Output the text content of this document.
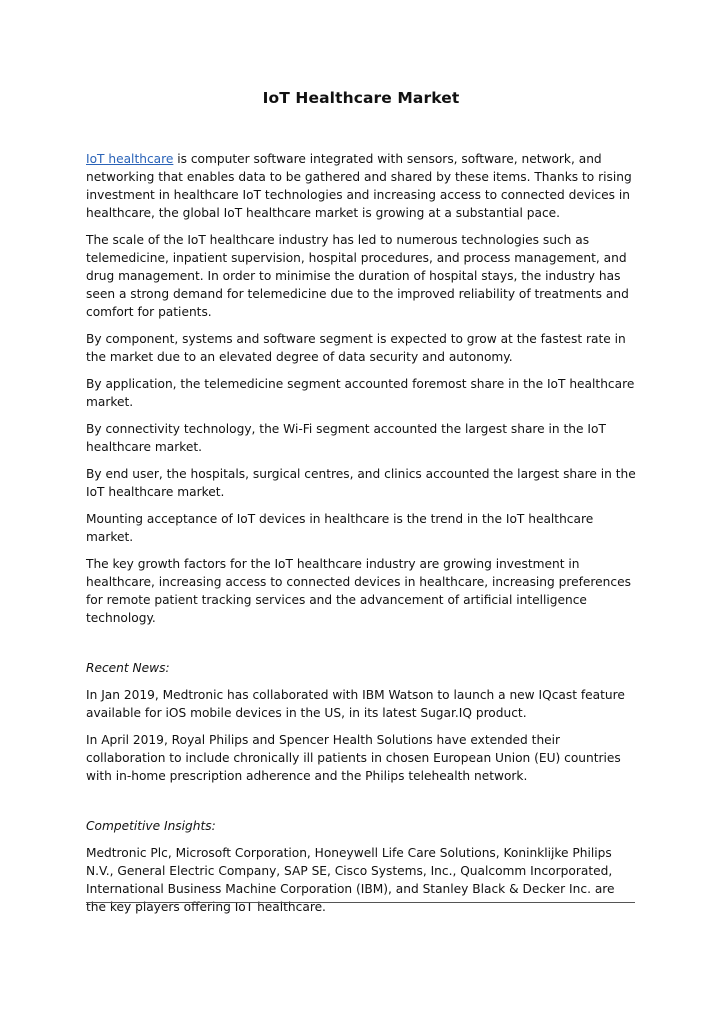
IoT Healthcare Market

IoT healthcare is computer software integrated with sensors, software, network, and networking that enables data to be gathered and shared by these items. Thanks to rising investment in healthcare IoT technologies and increasing access to connected devices in healthcare, the global IoT healthcare market is growing at a substantial pace.

The scale of the IoT healthcare industry has led to numerous technologies such as telemedicine, inpatient supervision, hospital procedures, and process management, and drug management. In order to minimise the duration of hospital stays, the industry has seen a strong demand for telemedicine due to the improved reliability of treatments and comfort for patients.

By component, systems and software segment is expected to grow at the fastest rate in the market due to an elevated degree of data security and autonomy.

By application, the telemedicine segment accounted foremost share in the IoT healthcare market.

By connectivity technology, the Wi-Fi segment accounted the largest share in the IoT healthcare market.

By end user, the hospitals, surgical centres, and clinics accounted the largest share in the IoT healthcare market.

Mounting acceptance of IoT devices in healthcare is the trend in the IoT healthcare market.

The key growth factors for the IoT healthcare industry are growing investment in healthcare, increasing access to connected devices in healthcare, increasing preferences for remote patient tracking services and the advancement of artificial intelligence technology.

Recent News:

In Jan 2019, Medtronic has collaborated with IBM Watson to launch a new IQcast feature available for iOS mobile devices in the US, in its latest Sugar.IQ product.

In April 2019, Royal Philips and Spencer Health Solutions have extended their collaboration to include chronically ill patients in chosen European Union (EU) countries with in-home prescription adherence and the Philips telehealth network.

Competitive Insights:

Medtronic Plc, Microsoft Corporation, Honeywell Life Care Solutions, Koninklijke Philips N.V., General Electric Company, SAP SE, Cisco Systems, Inc., Qualcomm Incorporated, International Business Machine Corporation (IBM), and Stanley Black & Decker Inc. are the key players offering IoT healthcare.
